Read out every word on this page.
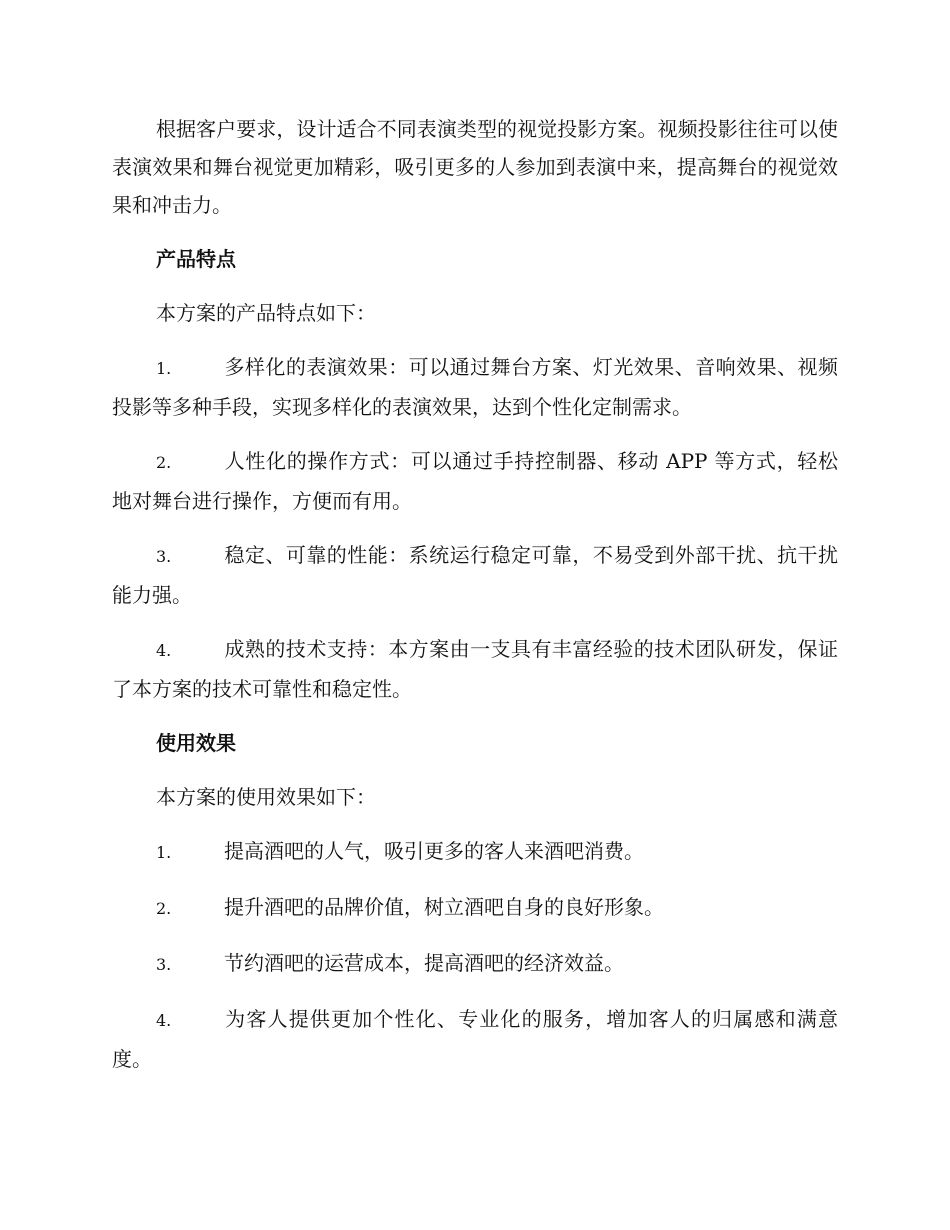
根据客户要求，设计适合不同表演类型的视觉投影方案。视频投影往往可以使表演效果和舞台视觉更加精彩，吸引更多的人参加到表演中来，提高舞台的视觉效果和冲击力。

产品特点

本方案的产品特点如下：

1.	多样化的表演效果：可以通过舞台方案、灯光效果、音响效果、视频投影等多种手段，实现多样化的表演效果，达到个性化定制需求。

2.	人性化的操作方式：可以通过手持控制器、移动 APP 等方式，轻松地对舞台进行操作，方便而有用。

3.	稳定、可靠的性能：系统运行稳定可靠，不易受到外部干扰、抗干扰能力强。

4.	成熟的技术支持：本方案由一支具有丰富经验的技术团队研发，保证了本方案的技术可靠性和稳定性。

使用效果

本方案的使用效果如下：

1.	提高酒吧的人气，吸引更多的客人来酒吧消费。

2.	提升酒吧的品牌价值，树立酒吧自身的良好形象。

3.	节约酒吧的运营成本，提高酒吧的经济效益。

4.	为客人提供更加个性化、专业化的服务，增加客人的归属感和满意度。
